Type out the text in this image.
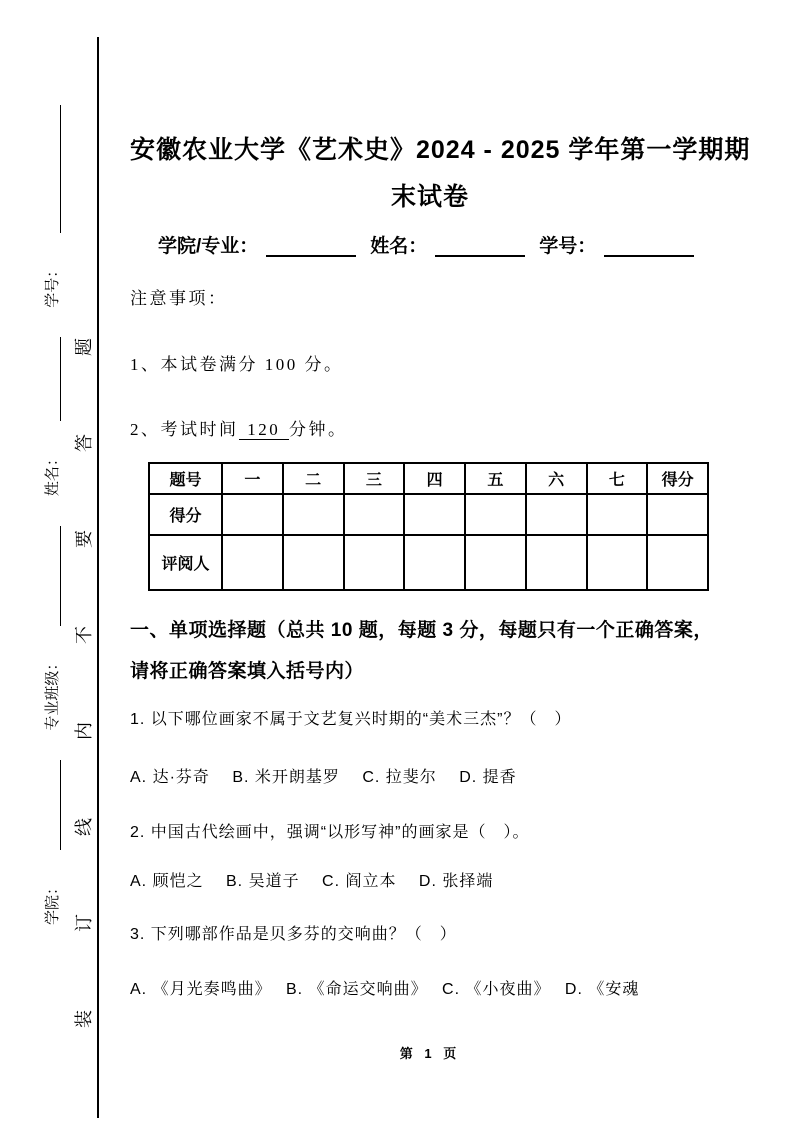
学院：
专业班级：
姓名：
学号：
装
订
线
内
不
要
答
题
安徽农业大学《艺术史》2024 - 2025 学年第一学期期
末试卷
学院/专业：	姓名：	学号：
注意事项：
1、本试卷满分 100 分。
2、考试时间 120 分钟。
题号	一	二	三	四	五	六	七	得分
得分								
评阅人								
一、单项选择题（总共 10 题，每题 3 分，每题只有一个正确答案，
请将正确答案填入括号内）
1. 以下哪位画家不属于文艺复兴时期的“美术三杰”？（　）
A. 达·芬奇　 B. 米开朗基罗　 C. 拉斐尔　 D. 提香
2. 中国古代绘画中，强调“以形写神”的画家是（　）。
A. 顾恺之　 B. 吴道子　 C. 阎立本　 D. 张择端
3. 下列哪部作品是贝多芬的交响曲？（　）
A. 《月光奏鸣曲》　 B. 《命运交响曲》　 C. 《小夜曲》　 D. 《安魂
第 1 页
